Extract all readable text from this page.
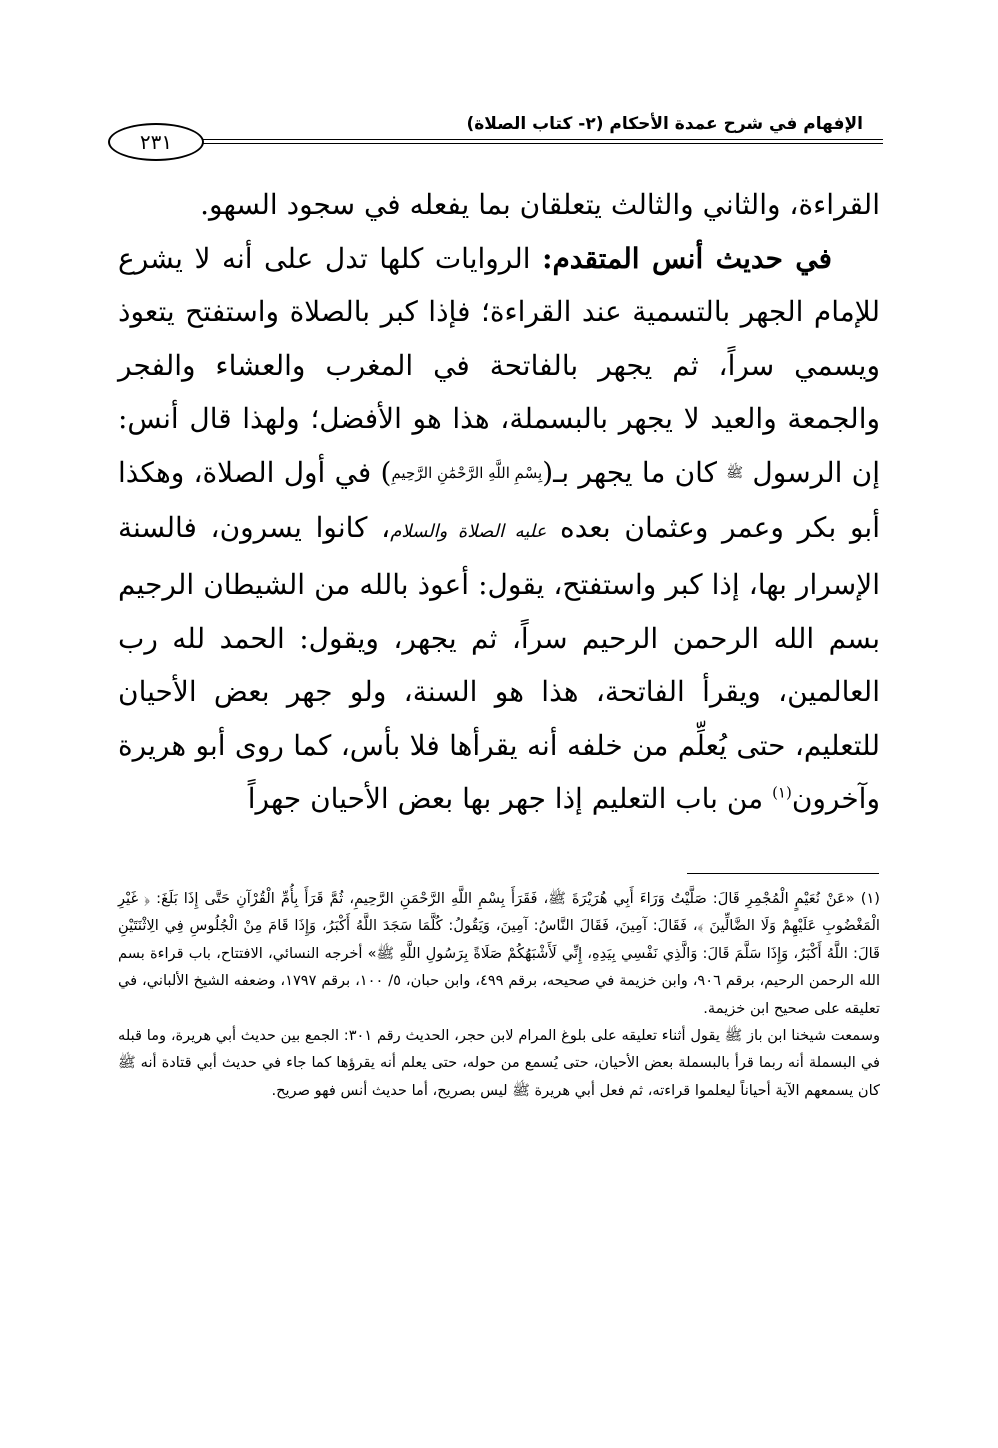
الإفهام في شرح عمدة الأحكام (٢- كتاب الصلاة)
٢٣١

القراءة، والثاني والثالث يتعلقان بما يفعله في سجود السهو.

في حديث أنس المتقدم: الروايات كلها تدل على أنه لا يشرع للإمام الجهر بالتسمية عند القراءة؛ فإذا كبر بالصلاة واستفتح يتعوذ ويسمي سراً، ثم يجهر بالفاتحة في المغرب والعشاء والفجر والجمعة والعيد لا يجهر بالبسملة، هذا هو الأفضل؛ ولهذا قال أنس: إن الرسول ﷺ كان ما يجهر بـ(بِسْمِ اللَّهِ الرَّحْمَٰنِ الرَّحِيمِ) في أول الصلاة، وهكذا أبو بكر وعمر وعثمان بعده عليه الصلاة والسلام، كانوا يسرون، فالسنة الإسرار بها، إذا كبر واستفتح، يقول: أعوذ بالله من الشيطان الرجيم بسم الله الرحمن الرحيم سراً، ثم يجهر، ويقول: الحمد لله رب العالمين، ويقرأ الفاتحة، هذا هو السنة، ولو جهر بعض الأحيان للتعليم، حتى يُعلِّم من خلفه أنه يقرأها فلا بأس، كما روى أبو هريرة وآخرون$^{(١)}$ من باب التعليم إذا جهر بها بعض الأحيان جهراً

(١) «عَنْ نُعَيْمٍ الْمُجْمِرِ قَالَ: صَلَّيْتُ وَرَاءَ أَبِي هُرَيْرَةَ ﷺ، فَقَرَأَ بِسْمِ اللَّهِ الرَّحْمَنِ الرَّحِيمِ، ثُمَّ قَرَأَ بِأُمِّ الْقُرْآنِ حَتَّى إِذَا بَلَغَ: ﴿ غَيْرِ الْمَغْضُوبِ عَلَيْهِمْ وَلَا الضَّالِّينَ ﴾، فَقَالَ: آمِينَ، فَقَالَ النَّاسُ: آمِينَ، وَيَقُولُ: كُلَّمَا سَجَدَ اللَّهُ أَكْبَرُ، وَإِذَا قَامَ مِنْ الْجُلُوسِ فِي الِاثْنَتَيْنِ قَالَ: اللَّهُ أَكْبَرُ، وَإِذَا سَلَّمَ قَالَ: وَالَّذِي نَفْسِي بِيَدِهِ، إِنِّي لَأَشْبَهُكُمْ صَلَاةً بِرَسُولِ اللَّهِ ﷺ» أخرجه النسائي، الافتتاح، باب قراءة بسم الله الرحمن الرحيم، برقم ٩٠٦، وابن خزيمة في صحيحه، برقم ٤٩٩، وابن حبان، ٥/ ١٠٠، برقم ١٧٩٧، وضعفه الشيخ الألباني، في تعليقه على صحيح ابن خزيمة.

وسمعت شيخنا ابن باز ﷺ يقول أثناء تعليقه على بلوغ المرام لابن حجر، الحديث رقم ٣٠١: الجمع بين حديث أبي هريرة، وما قبله في البسملة أنه ربما قرأ بالبسملة بعض الأحيان، حتى يُسمع من حوله، حتى يعلم أنه يقرؤها كما جاء في حديث أبي قتادة أنه ﷺ كان يسمعهم الآية أحياناً ليعلموا قراءته، ثم فعل أبي هريرة ﷺ ليس بصريح، أما حديث أنس فهو صريح.
